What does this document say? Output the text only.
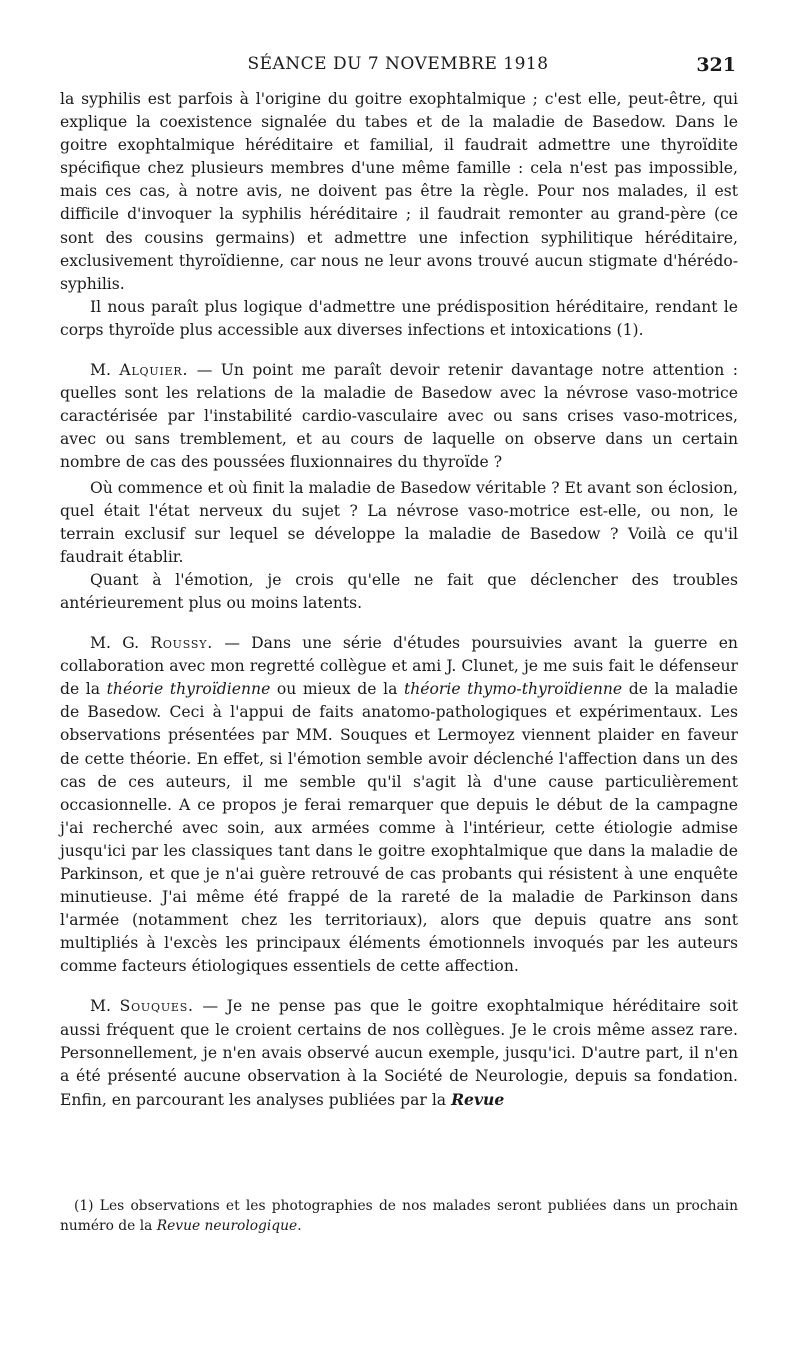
SÉANCE DU 7 NOVEMBRE 1918	321

la syphilis est parfois à l'origine du goitre exophtalmique ; c'est elle, peut-être, qui explique la coexistence signalée du tabes et de la maladie de Basedow. Dans le goitre exophtalmique héréditaire et familial, il faudrait admettre une thyroïdite spécifique chez plusieurs membres d'une même famille : cela n'est pas impossible, mais ces cas, à notre avis, ne doivent pas être la règle. Pour nos malades, il est difficile d'invoquer la syphilis héréditaire ; il faudrait remonter au grand-père (ce sont des cousins germains) et admettre une infection syphilitique héréditaire, exclusivement thyroïdienne, car nous ne leur avons trouvé aucun stigmate d'hérédo-syphilis.

Il nous paraît plus logique d'admettre une prédisposition héréditaire, rendant le corps thyroïde plus accessible aux diverses infections et intoxications (1).

M. Alquier. — Un point me paraît devoir retenir davantage notre attention : quelles sont les relations de la maladie de Basedow avec la névrose vaso-motrice caractérisée par l'instabilité cardio-vasculaire avec ou sans crises vaso-motrices, avec ou sans tremblement, et au cours de laquelle on observe dans un certain nombre de cas des poussées fluxionnaires du thyroïde ?

Où commence et où finit la maladie de Basedow véritable ? Et avant son éclosion, quel était l'état nerveux du sujet ? La névrose vaso-motrice est-elle, ou non, le terrain exclusif sur lequel se développe la maladie de Basedow ? Voilà ce qu'il faudrait établir.

Quant à l'émotion, je crois qu'elle ne fait que déclencher des troubles antérieurement plus ou moins latents.

M. G. Roussy. — Dans une série d'études poursuivies avant la guerre en collaboration avec mon regretté collègue et ami J. Clunet, je me suis fait le défenseur de la théorie thyroïdienne ou mieux de la théorie thymo-thyroïdienne de la maladie de Basedow. Ceci à l'appui de faits anatomo-pathologiques et expérimentaux. Les observations présentées par MM. Souques et Lermoyez viennent plaider en faveur de cette théorie. En effet, si l'émotion semble avoir déclenché l'affection dans un des cas de ces auteurs, il me semble qu'il s'agit là d'une cause particulièrement occasionnelle. A ce propos je ferai remarquer que depuis le début de la campagne j'ai recherché avec soin, aux armées comme à l'intérieur, cette étiologie admise jusqu'ici par les classiques tant dans le goitre exophtalmique que dans la maladie de Parkinson, et que je n'ai guère retrouvé de cas probants qui résistent à une enquête minutieuse. J'ai même été frappé de la rareté de la maladie de Parkinson dans l'armée (notamment chez les territoriaux), alors que depuis quatre ans sont multipliés à l'excès les principaux éléments émotionnels invoqués par les auteurs comme facteurs étiologiques essentiels de cette affection.

M. Souques. — Je ne pense pas que le goitre exophtalmique héréditaire soit aussi fréquent que le croient certains de nos collègues. Je le crois même assez rare. Personnellement, je n'en avais observé aucun exemple, jusqu'ici. D'autre part, il n'en a été présenté aucune observation à la Société de Neurologie, depuis sa fondation. Enfin, en parcourant les analyses publiées par la Revue

(1) Les observations et les photographies de nos malades seront publiées dans un prochain numéro de la Revue neurologique.
